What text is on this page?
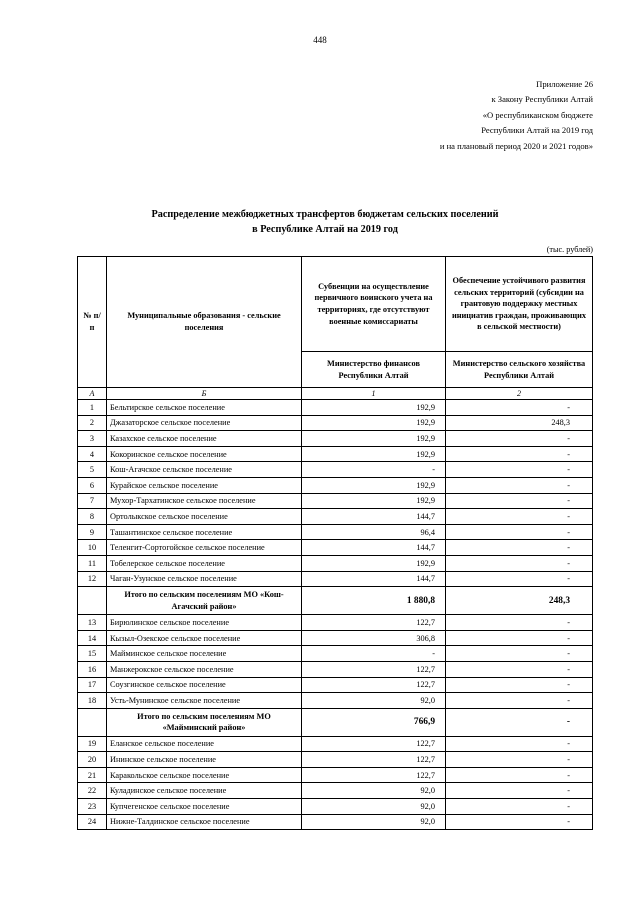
448
Приложение 26
к Закону Республики Алтай
«О республиканском бюджете
Республики Алтай на 2019 год
и на плановый период 2020 и 2021 годов»
Распределение межбюджетных трансфертов бюджетам сельских поселений
в Республике Алтай на 2019 год
(тыс. рублей)
№ п/п	Муниципальные образования - сельские поселения	Субвенции на осуществление первичного воинского учета на территориях, где отсутствуют военные комиссариаты	Обеспечение устойчивого развития сельских территорий (субсидии на грантовую поддержку местных инициатив граждан, проживающих в сельской местности)
		Министерство финансов Республики Алтай	Министерство сельского хозяйства Республики Алтай
А	Б	1	2
1	Бельтирское сельское поселение	192,9	-
2	Джазаторское сельское поселение	192,9	248,3
3	Казахское сельское поселение	192,9	-
4	Кокоринское сельское поселение	192,9	-
5	Кош-Агачское сельское поселение	-	-
6	Курайское сельское поселение	192,9	-
7	Мухор-Тархатинское сельское поселение	192,9	-
8	Ортолыкское сельское поселение	144,7	-
9	Ташантинское сельское поселение	96,4	-
10	Теленгит-Сортогойское сельское поселение	144,7	-
11	Тобелерское сельское поселение	192,9	-
12	Чаган-Узунское сельское поселение	144,7	-
	Итого по сельским поселениям МО «Кош-Агачский район»	1 880,8	248,3
13	Бирюлинское сельское поселение	122,7	-
14	Кызыл-Озекское сельское поселение	306,8	-
15	Майминское сельское поселение	-	-
16	Манжерокское сельское поселение	122,7	-
17	Соузгинское сельское поселение	122,7	-
18	Усть-Мунинское сельское поселение	92,0	-
	Итого по сельским поселениям МО «Майминский район»	766,9	-
19	Еланское сельское поселение	122,7	-
20	Ининское сельское поселение	122,7	-
21	Каракольское сельское поселение	122,7	-
22	Куладинское сельское поселение	92,0	-
23	Купчегенское сельское поселение	92,0	-
24	Нижне-Талдинское сельское поселение	92,0	-
